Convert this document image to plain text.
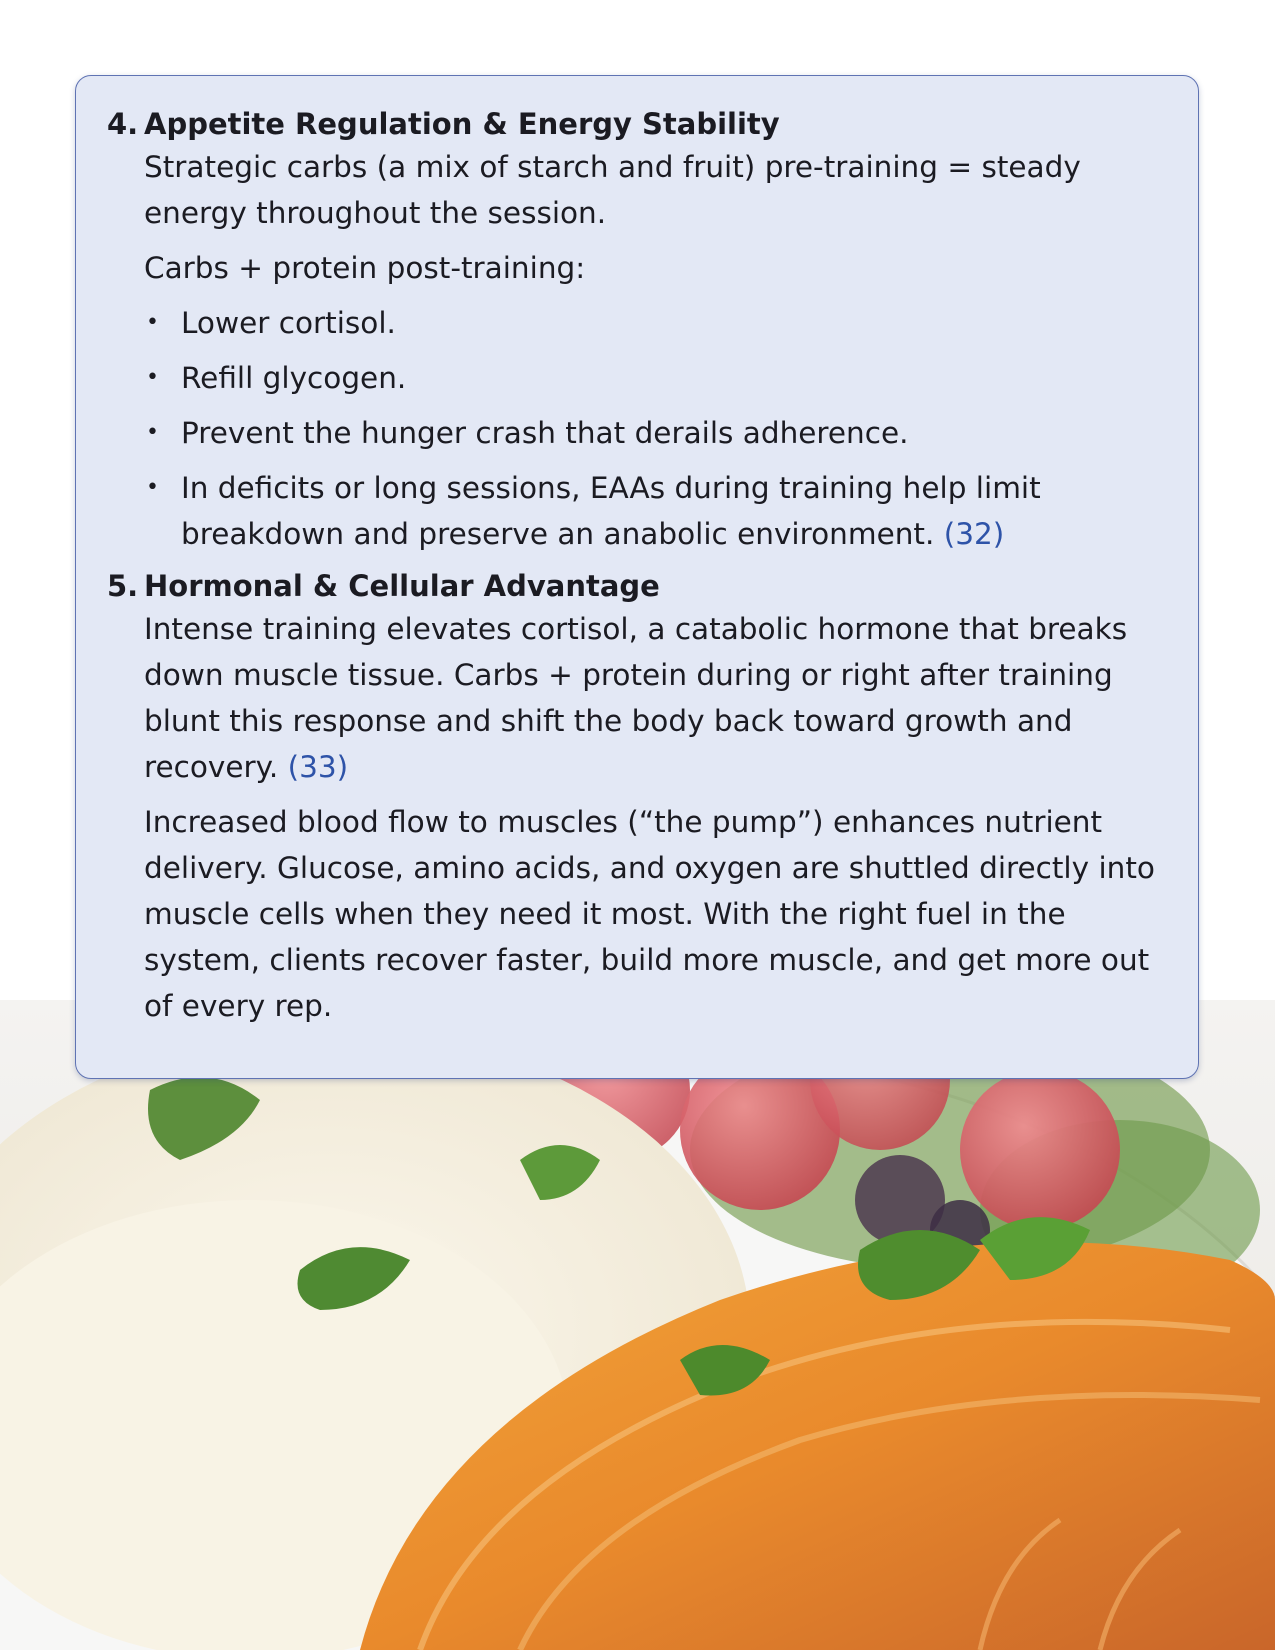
4. Appetite Regulation & Energy Stability

Strategic carbs (a mix of starch and fruit) pre-training = steady energy throughout the session.

Carbs + protein post-training:

• Lower cortisol.
• Refill glycogen.
• Prevent the hunger crash that derails adherence.
• In deficits or long sessions, EAAs during training help limit breakdown and preserve an anabolic environment. (32)
5. Hormonal & Cellular Advantage

Intense training elevates cortisol, a catabolic hormone that breaks down muscle tissue. Carbs + protein during or right after training blunt this response and shift the body back toward growth and recovery. (33)

Increased blood flow to muscles (“the pump”) enhances nutrient delivery. Glucose, amino acids, and oxygen are shuttled directly into muscle cells when they need it most. With the right fuel in the system, clients recover faster, build more muscle, and get more out of every rep.
